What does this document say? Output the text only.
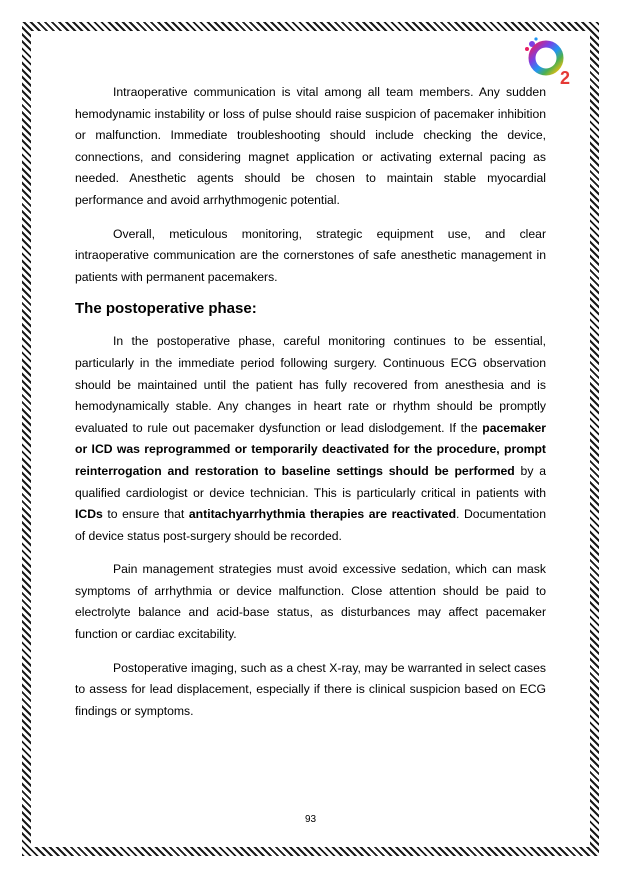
2

Intraoperative communication is vital among all team members. Any sudden hemodynamic instability or loss of pulse should raise suspicion of pacemaker inhibition or malfunction. Immediate troubleshooting should include checking the device, connections, and considering magnet application or activating external pacing as needed. Anesthetic agents should be chosen to maintain stable myocardial performance and avoid arrhythmogenic potential.

Overall, meticulous monitoring, strategic equipment use, and clear intraoperative communication are the cornerstones of safe anesthetic management in patients with permanent pacemakers.

The postoperative phase:

In the postoperative phase, careful monitoring continues to be essential, particularly in the immediate period following surgery. Continuous ECG observation should be maintained until the patient has fully recovered from anesthesia and is hemodynamically stable. Any changes in heart rate or rhythm should be promptly evaluated to rule out pacemaker dysfunction or lead dislodgement. If the pacemaker or ICD was reprogrammed or temporarily deactivated for the procedure, prompt reinterrogation and restoration to baseline settings should be performed by a qualified cardiologist or device technician. This is particularly critical in patients with ICDs to ensure that antitachyarrhythmia therapies are reactivated. Documentation of device status post-surgery should be recorded.

Pain management strategies must avoid excessive sedation, which can mask symptoms of arrhythmia or device malfunction. Close attention should be paid to electrolyte balance and acid-base status, as disturbances may affect pacemaker function or cardiac excitability.

Postoperative imaging, such as a chest X-ray, may be warranted in select cases to assess for lead displacement, especially if there is clinical suspicion based on ECG findings or symptoms.

93
